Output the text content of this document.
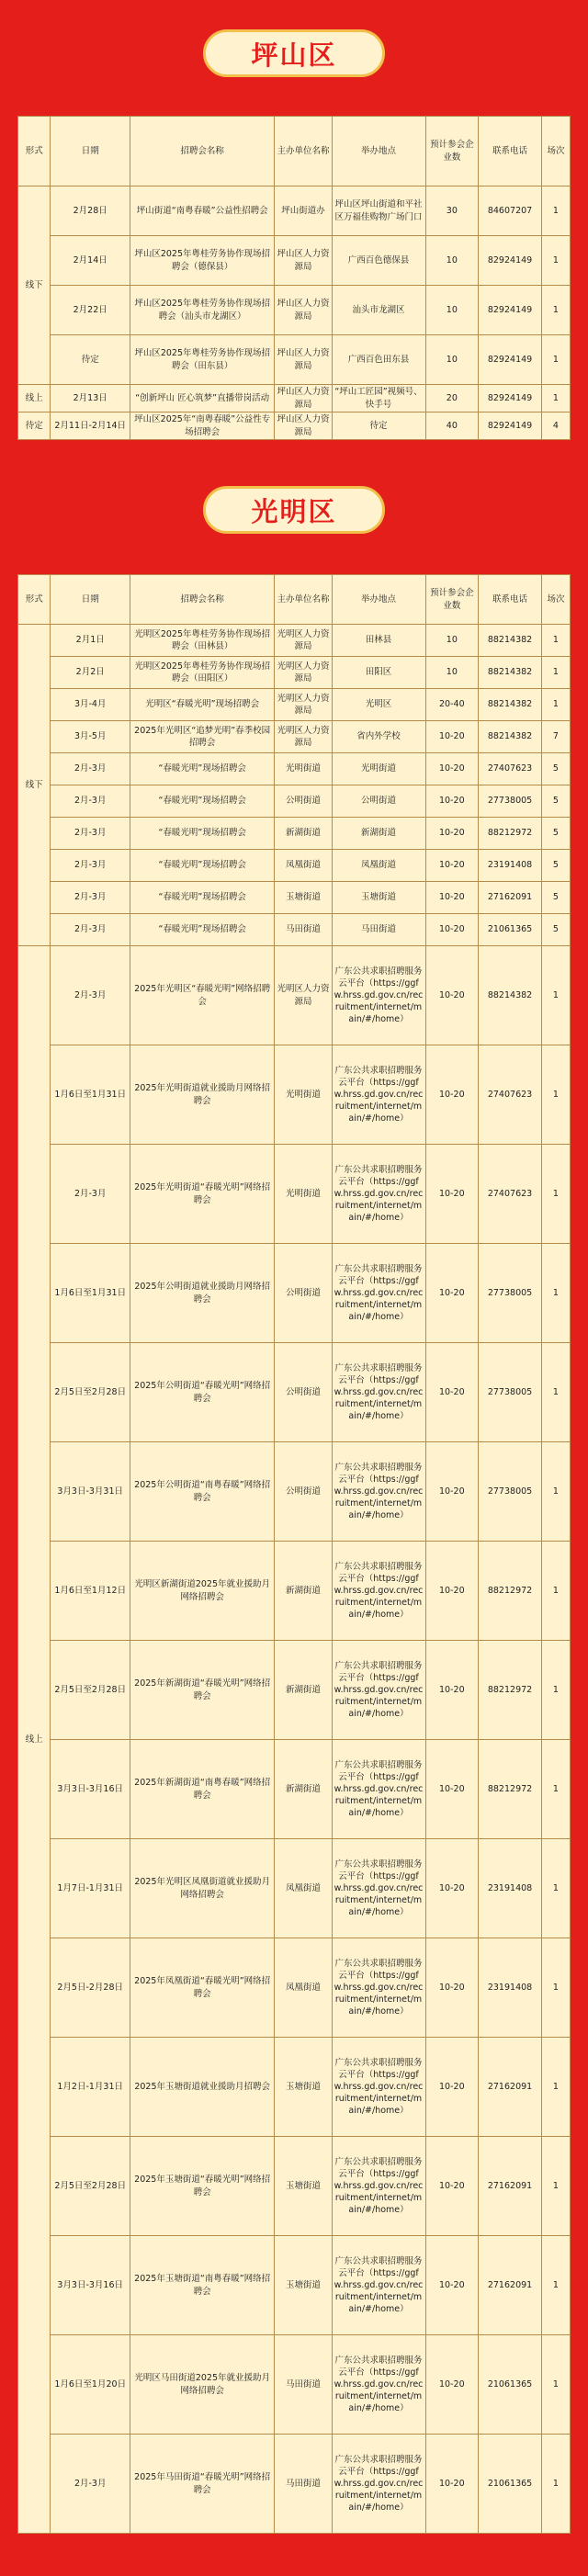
坪山区
形式	日期	招聘会名称	主办单位名称	举办地点	预计参会企业数	联系电话	场次
线下	2月28日	坪山街道“南粤春暖”公益性招聘会	坪山街道办	坪山区坪山街道和平社区万福佳购物广场门口	30	84607207	1
	2月14日	坪山区2025年粤桂劳务协作现场招聘会（德保县）	坪山区人力资源局	广西百色德保县	10	82924149	1
	2月22日	坪山区2025年粤桂劳务协作现场招聘会（汕头市龙湖区）	坪山区人力资源局	汕头市龙湖区	10	82924149	1
	待定	坪山区2025年粤桂劳务协作现场招聘会（田东县）	坪山区人力资源局	广西百色田东县	10	82924149	1
线上	2月13日	“创新坪山 匠心筑梦”直播带岗活动	坪山区人力资源局	“坪山工匠园”视频号、快手号	20	82924149	1
待定	2月11日-2月14日	坪山区2025年“南粤春暖”公益性专场招聘会	坪山区人力资源局	待定	40	82924149	4
光明区
形式	日期	招聘会名称	主办单位名称	举办地点	预计参会企业数	联系电话	场次
线下	2月1日	光明区2025年粤桂劳务协作现场招聘会（田林县）	光明区人力资源局	田林县	10	88214382	1
	2月2日	光明区2025年粤桂劳务协作现场招聘会（田阳区）	光明区人力资源局	田阳区	10	88214382	1
	3月-4月	光明区“春暖光明”现场招聘会	光明区人力资源局	光明区	20-40	88214382	1
	3月-5月	2025年光明区“追梦光明”春季校园招聘会	光明区人力资源局	省内外学校	10-20	88214382	7
	2月-3月	“春暖光明”现场招聘会	光明街道	光明街道	10-20	27407623	5
	2月-3月	“春暖光明”现场招聘会	公明街道	公明街道	10-20	27738005	5
	2月-3月	“春暖光明”现场招聘会	新湖街道	新湖街道	10-20	88212972	5
	2月-3月	“春暖光明”现场招聘会	凤凰街道	凤凰街道	10-20	23191408	5
	2月-3月	“春暖光明”现场招聘会	玉塘街道	玉塘街道	10-20	27162091	5
	2月-3月	“春暖光明”现场招聘会	马田街道	马田街道	10-20	21061365	5
线上	2月-3月	2025年光明区“春暖光明”网络招聘会	光明区人力资源局	广东公共求职招聘服务云平台（https://ggfw.hrss.gd.gov.cn/recruitment/internet/main/#/home）	10-20	88214382	1
	1月6日至1月31日	2025年光明街道就业援助月网络招聘会	光明街道	广东公共求职招聘服务云平台（https://ggfw.hrss.gd.gov.cn/recruitment/internet/main/#/home）	10-20	27407623	1
	2月-3月	2025年光明街道“春暖光明”网络招聘会	光明街道	广东公共求职招聘服务云平台（https://ggfw.hrss.gd.gov.cn/recruitment/internet/main/#/home）	10-20	27407623	1
	1月6日至1月31日	2025年公明街道就业援助月网络招聘会	公明街道	广东公共求职招聘服务云平台（https://ggfw.hrss.gd.gov.cn/recruitment/internet/main/#/home）	10-20	27738005	1
	2月5日至2月28日	2025年公明街道“春暖光明”网络招聘会	公明街道	广东公共求职招聘服务云平台（https://ggfw.hrss.gd.gov.cn/recruitment/internet/main/#/home）	10-20	27738005	1
	3月3日-3月31日	2025年公明街道“南粤春暖”网络招聘会	公明街道	广东公共求职招聘服务云平台（https://ggfw.hrss.gd.gov.cn/recruitment/internet/main/#/home）	10-20	27738005	1
	1月6日至1月12日	光明区新湖街道2025年就业援助月网络招聘会	新湖街道	广东公共求职招聘服务云平台（https://ggfw.hrss.gd.gov.cn/recruitment/internet/main/#/home）	10-20	88212972	1
	2月5日至2月28日	2025年新湖街道“春暖光明”网络招聘会	新湖街道	广东公共求职招聘服务云平台（https://ggfw.hrss.gd.gov.cn/recruitment/internet/main/#/home）	10-20	88212972	1
	3月3日-3月16日	2025年新湖街道“南粤春暖”网络招聘会	新湖街道	广东公共求职招聘服务云平台（https://ggfw.hrss.gd.gov.cn/recruitment/internet/main/#/home）	10-20	88212972	1
	1月7日-1月31日	2025年光明区凤凰街道就业援助月网络招聘会	凤凰街道	广东公共求职招聘服务云平台（https://ggfw.hrss.gd.gov.cn/recruitment/internet/main/#/home）	10-20	23191408	1
	2月5日-2月28日	2025年凤凰街道“春暖光明”网络招聘会	凤凰街道	广东公共求职招聘服务云平台（https://ggfw.hrss.gd.gov.cn/recruitment/internet/main/#/home）	10-20	23191408	1
	1月2日-1月31日	2025年玉塘街道就业援助月招聘会	玉塘街道	广东公共求职招聘服务云平台（https://ggfw.hrss.gd.gov.cn/recruitment/internet/main/#/home）	10-20	27162091	1
	2月5日至2月28日	2025年玉塘街道“春暖光明”网络招聘会	玉塘街道	广东公共求职招聘服务云平台（https://ggfw.hrss.gd.gov.cn/recruitment/internet/main/#/home）	10-20	27162091	1
	3月3日-3月16日	2025年玉塘街道“南粤春暖”网络招聘会	玉塘街道	广东公共求职招聘服务云平台（https://ggfw.hrss.gd.gov.cn/recruitment/internet/main/#/home）	10-20	27162091	1
	1月6日至1月20日	光明区马田街道2025年就业援助月网络招聘会	马田街道	广东公共求职招聘服务云平台（https://ggfw.hrss.gd.gov.cn/recruitment/internet/main/#/home）	10-20	21061365	1
	2月-3月	2025年马田街道“春暖光明”网络招聘会	马田街道	广东公共求职招聘服务云平台（https://ggfw.hrss.gd.gov.cn/recruitment/internet/main/#/home）	10-20	21061365	1
